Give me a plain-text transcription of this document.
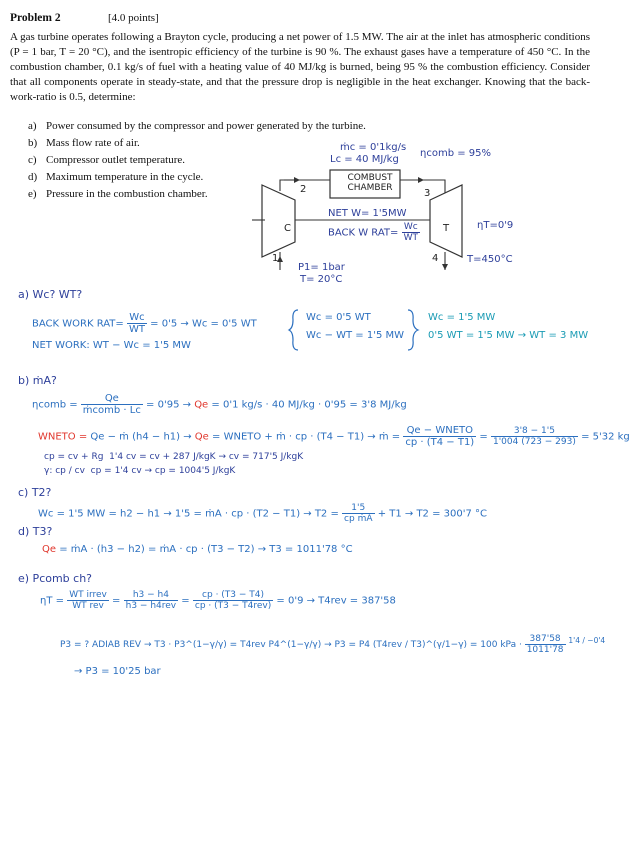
Problem 2	[4.0 points]
A gas turbine operates following a Brayton cycle, producing a net power of 1.5 MW. The air at the inlet has atmospheric conditions (P = 1 bar, T = 20 °C), and the isentropic efficiency of the turbine is 90 %. The exhaust gases have a temperature of 450 °C. In the combustion chamber, 0.1 kg/s of fuel with a heating value of 40 MJ/kg is burned, being 95 % the combustion efficiency. Consider that all components operate in steady-state, and that the pressure drop is negligible in the heat exchanger. Knowing that the back-work-ratio is 0.5, determine:
a) Power consumed by the compressor and power generated by the turbine.
b) Mass flow rate of air.
c) Compressor outlet temperature.
d) Maximum temperature in the cycle.
e) Pressure in the combustion chamber.
ṁc = 0'1kg/s
Lc = 40 MJ/kg
ηcomb = 95%
COMBUST
CHAMBER
C	T
2	3
1	4
NET W= 1'5MW
BACK W $RAT= \frac{Wc}{WT}$	ηT=0'9
P1= 1bar
T= 20°C
T=450°C
a) Wc? WT?
BACK WORK $RAT= \frac{Wc}{WT} = 0'5 \to Wc = 0'5$ WT
NET WORK: WT − Wc = 1'5 MW
Wc = 0'5 WT
Wc − WT = 1'5 MW
Wc = 1'5 MW
0'5 WT = 1'5 MW → WT = 3 MW
b) ṁA?
ηcomb = $\frac{Qe}{\text{ṁcomb · Lc}} = 0'95 \to Qe = 0'1$ kg/s · 40 MJ/kg · 0'95 = 3'8 MJ/kg
WNETO = Qe − ṁ (h4 − h1) → Qe = WNETO + ṁ · cp · (T4 − T1) → ṁ = $\frac{\text{Qe − WNETO}}{cp \cdot (T4 - T1)} = \frac{3'8 - 1'5}{1'004 (723 - 293)} = 5'32$ kg
cp = cv + Rg 1'4 cv = cv + 287 J/kgK → cv = 717'5 J/kgK
γ: cp / cv cp = 1'4 cv → cp = 1004'5 J/kgK
c) T2?
Wc = 1'5 MW = h2 − h1 → 1'5 = ṁA · cp · $(T2 - T1) \to T2 = \frac{1'5}{\text{cp ṁA}} + T1 \to T2 = 300'7$ °C
d) T3?
Qe = ṁA · (h3 − h2) = ṁA · cp · (T3 − T2) → T3 = 1011'78 °C
e) Pcomb ch?
$\eta T = \frac{\text{WT irrev}}{\text{WT rev}} = \frac{h3 - h4}{\text{h3 − h4rev}} = \frac{cp \cdot (T3 - T4)}{\text{cp · (T3 − T4rev)}} = 0'9 \to T4rev = 387'58$
P3 = ? ADIAB REV → T3 · P3^(1−γ/γ) = T4rev P4^(1−γ/γ) → P3 = P4 (T4rev / T3)^(γ/1−γ) = 100 kPa · $\frac{387'58}{1011'78} ^{1'4 / -0'4}$
→ P3 = 10'25 bar
